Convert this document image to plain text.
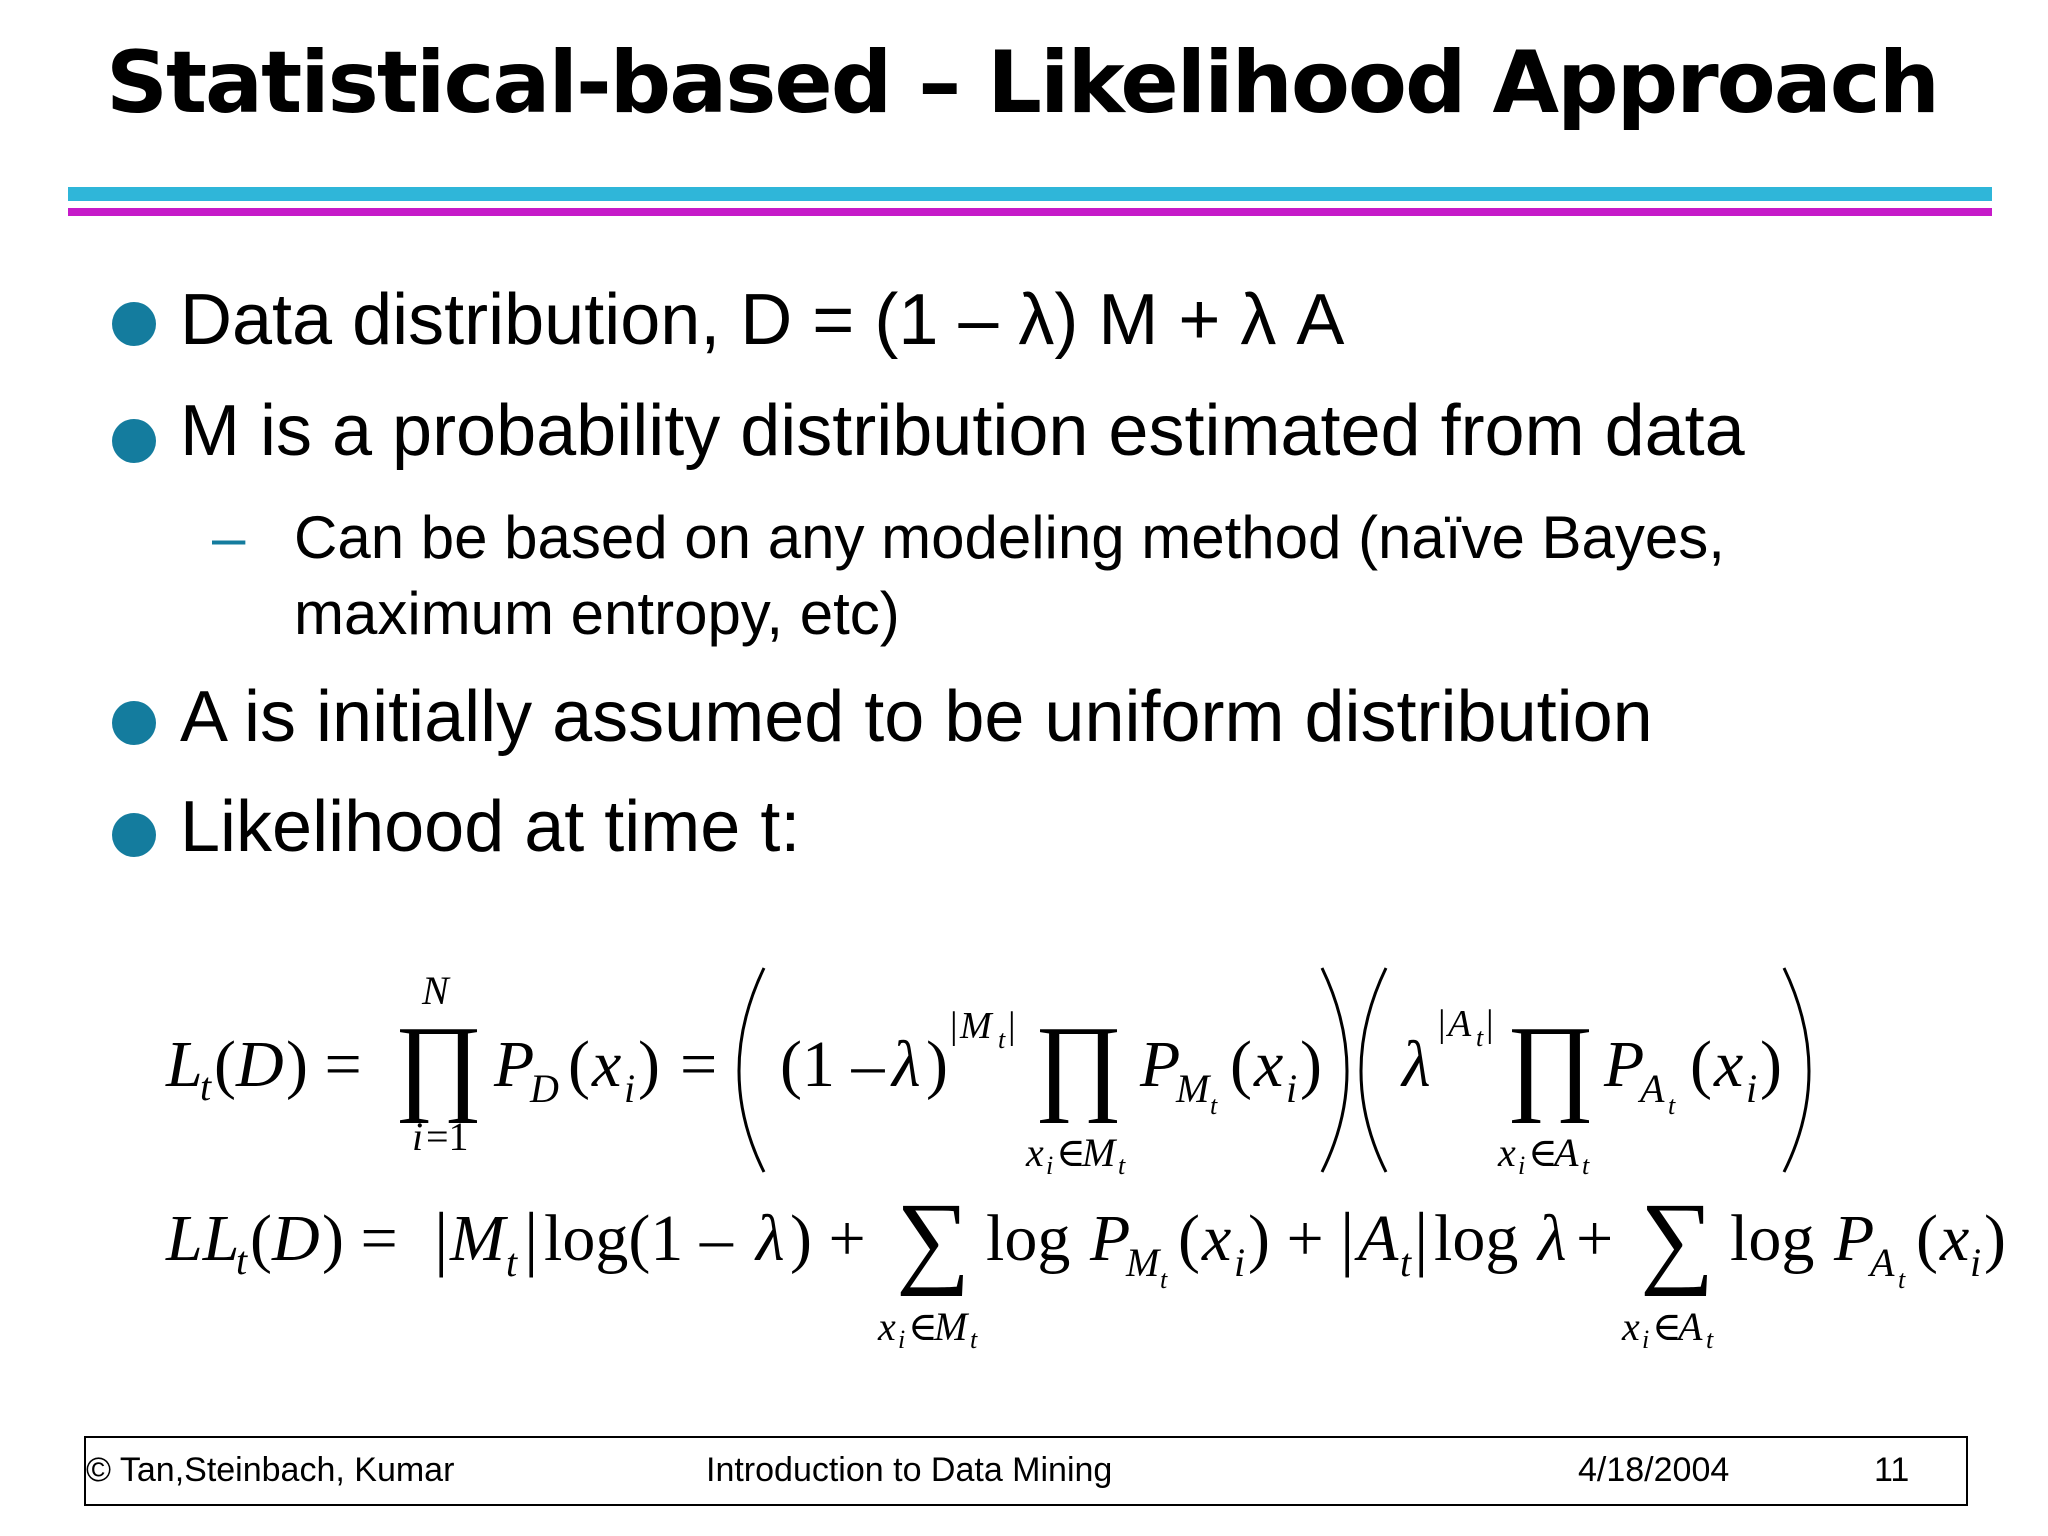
Statistical-based – Likelihood Approach
Data distribution, D = (1 – λ) M + λ A
M is a probability distribution estimated from data
– Can be based on any modeling method (naïve Bayes,
maximum entropy, etc)
A is initially assumed to be uniform distribution
Likelihood at time t:
L
t ( D ) = ∏
N
i =1
P
D ( x i ) = (1 – λ )
| M t | ∏
x i ∈
M t
P
M t
( x i ) λ
| A t | ∏
x i ∈
A t
P
A t
( x i )
LL
t ( D ) = | M t | log(1 – λ ) + ∑
x i ∈
M t
log P
M t
( x i ) + | A t | log λ + ∑
x i ∈
A t
log P
A t
( x i )
© Tan,Steinbach, Kumar	Introduction to Data Mining	4/18/2004	11
